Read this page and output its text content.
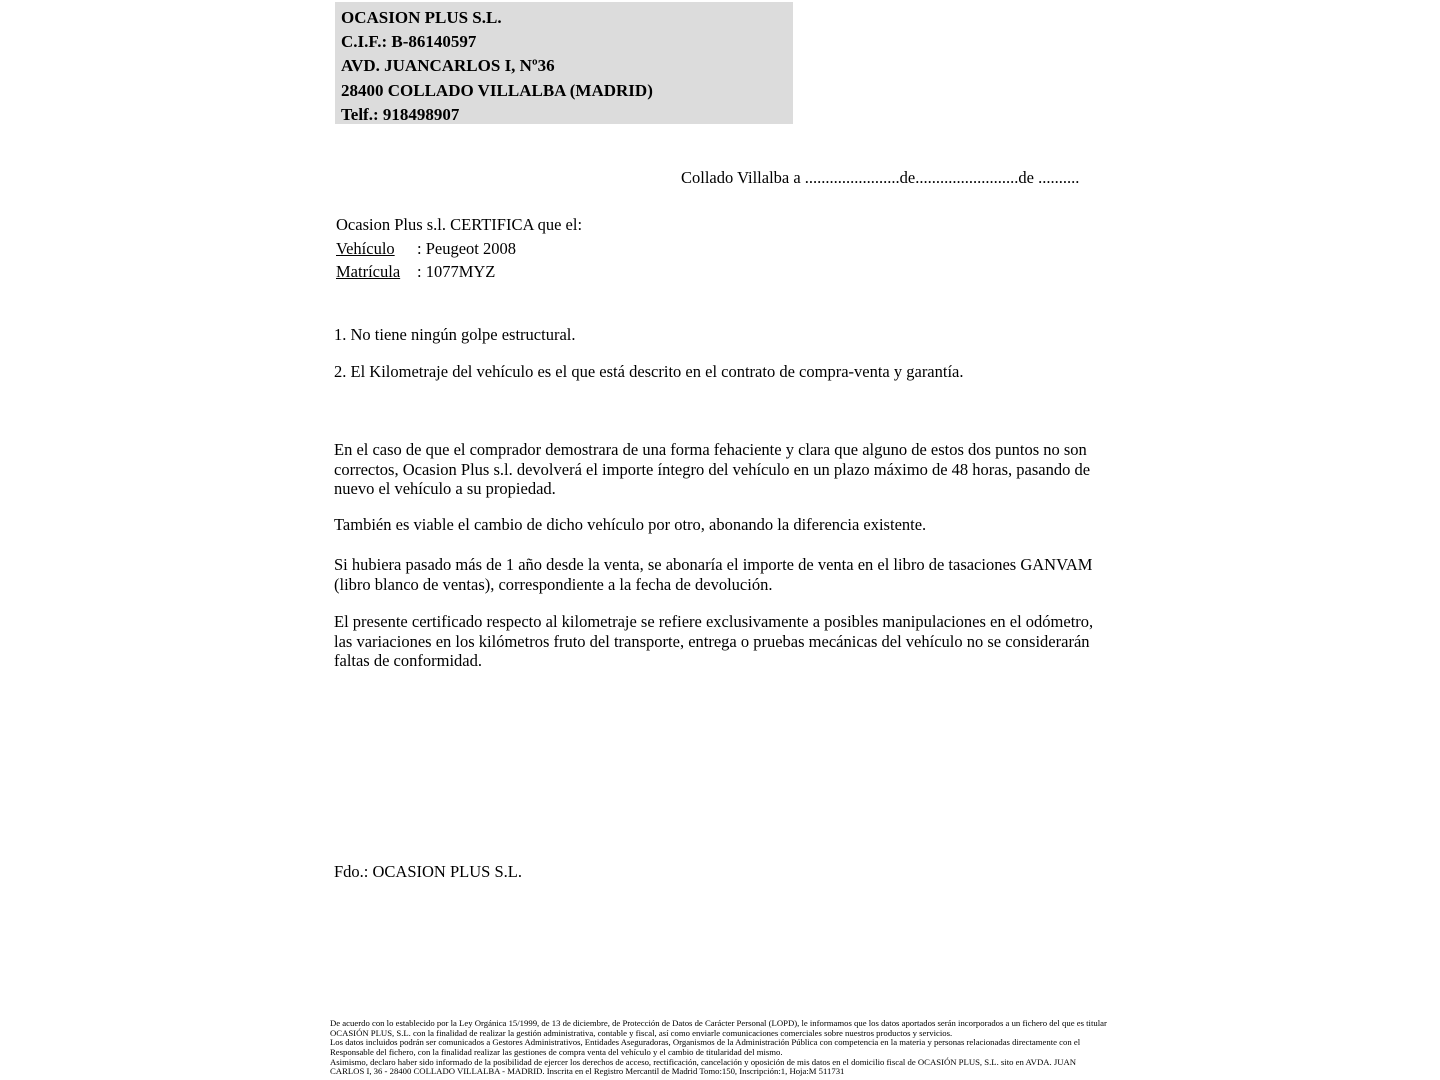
OCASION PLUS S.L.
C.I.F.: B-86140597
AVD. JUANCARLOS I, Nº36
28400 COLLADO VILLALBA (MADRID)
Telf.: 918498907
Collado Villalba a .......................de.........................de ..........
Ocasion Plus s.l. CERTIFICA que el:
Vehículo	: Peugeot 2008
Matrícula	: 1077MYZ
1. No tiene ningún golpe estructural.
2. El Kilometraje del vehículo es el que está descrito en el contrato de compra-venta y garantía.
En el caso de que el comprador demostrara de una forma fehaciente y clara que alguno de estos dos puntos no son correctos, Ocasion Plus s.l. devolverá el importe íntegro del vehículo en un plazo máximo de 48 horas, pasando de nuevo el vehículo a su propiedad.
También es viable el cambio de dicho vehículo por otro, abonando la diferencia existente.
Si hubiera pasado más de 1 año desde la venta, se abonaría el importe de venta en el libro de tasaciones GANVAM (libro blanco de ventas), correspondiente a la fecha de devolución.
El presente certificado respecto al kilometraje se refiere exclusivamente a posibles manipulaciones en el odómetro, las variaciones en los kilómetros fruto del transporte, entrega o pruebas mecánicas del vehículo no se considerarán faltas de conformidad.
Fdo.: OCASION PLUS S.L.
De acuerdo con lo establecido por la Ley Orgánica 15/1999, de 13 de diciembre, de Protección de Datos de Carácter Personal (LOPD), le informamos que los datos aportados serán incorporados a un fichero del que es titular
OCASIÓN PLUS, S.L. con la finalidad de realizar la gestión administrativa, contable y fiscal, así como enviarle comunicaciones comerciales sobre nuestros productos y servicios.
Los datos incluidos podrán ser comunicados a Gestores Administrativos, Entidades Aseguradoras, Organismos de la Administración Pública con competencia en la materia y personas relacionadas directamente con el
Responsable del fichero, con la finalidad realizar las gestiones de compra venta del vehículo y el cambio de titularidad del mismo.
Asimismo, declaro haber sido informado de la posibilidad de ejercer los derechos de acceso, rectificación, cancelación y oposición de mis datos en el domicilio fiscal de OCASIÓN PLUS, S.L. sito en AVDA. JUAN
CARLOS I, 36 - 28400 COLLADO VILLALBA - MADRID. Inscrita en el Registro Mercantil de Madrid Tomo:150, Inscripción:1, Hoja:M 511731
